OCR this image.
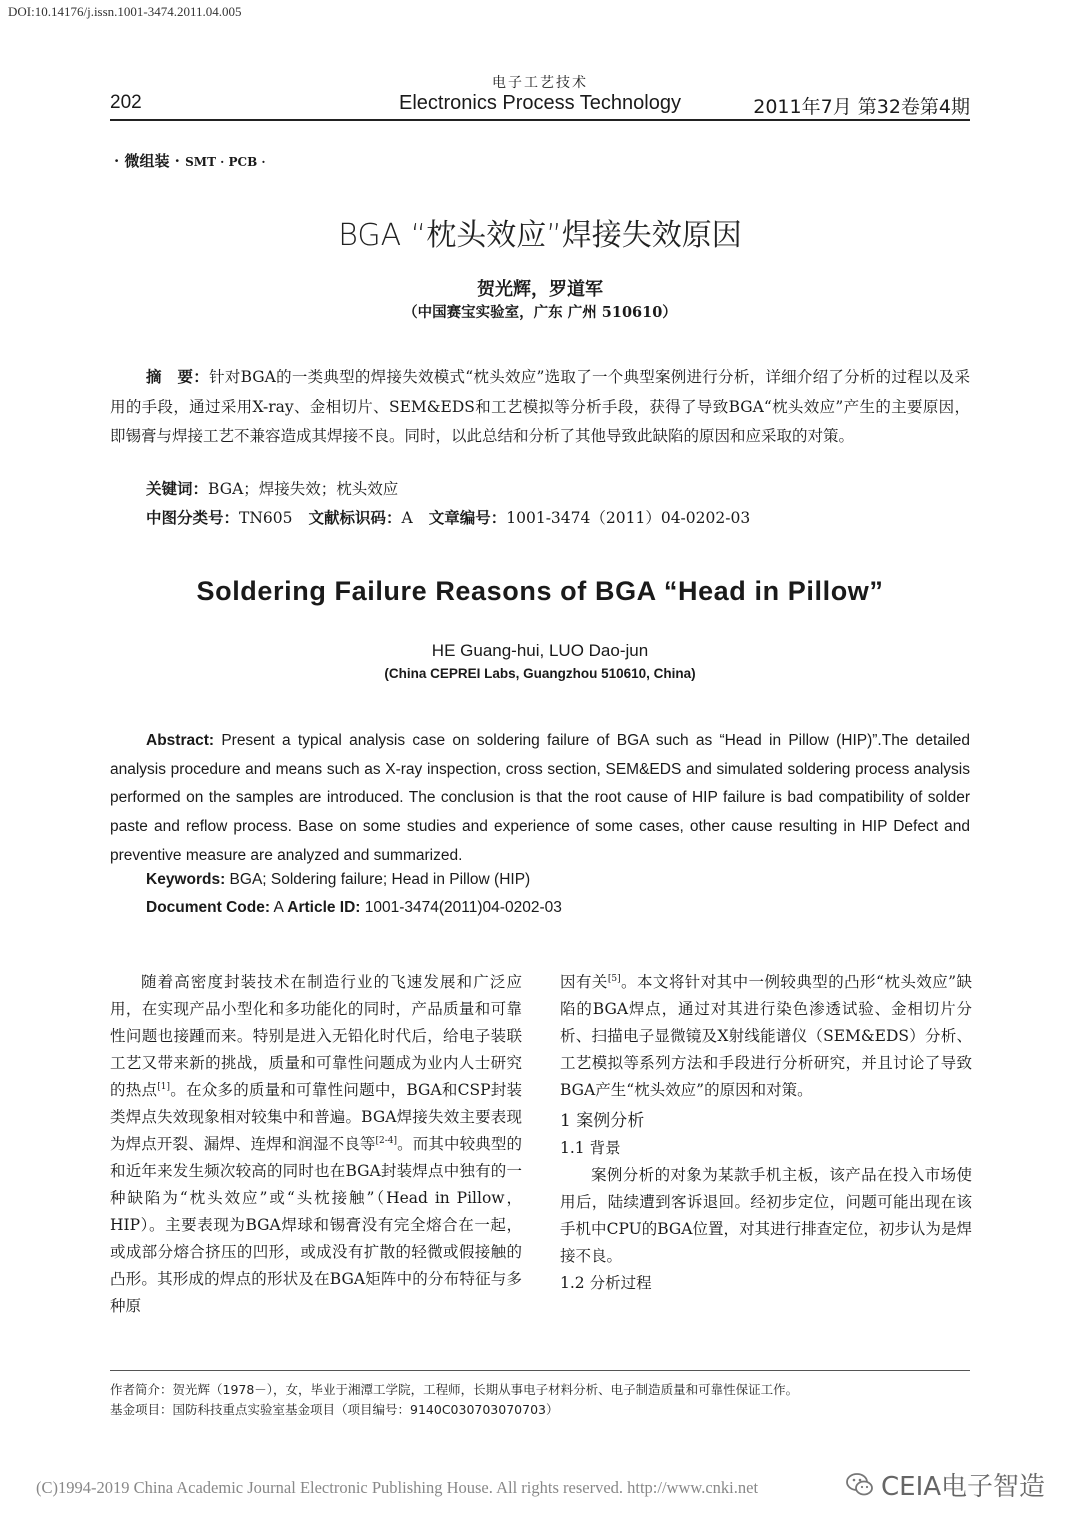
DOI:10.14176/j.issn.1001-3474.2011.04.005
电子工艺技术
202	Electronics Process Technology	2011年7月 第32卷第4期
· 微组装 · SMT · PCB ·
BGA “枕头效应”焊接失效原因
贺光辉，罗道军
（中国赛宝实验室，广东 广州 510610）
摘　要：针对BGA的一类典型的焊接失效模式“枕头效应”选取了一个典型案例进行分析，详细介绍了分析的过程以及采用的手段，通过采用X-ray、金相切片、SEM&EDS和工艺模拟等分析手段，获得了导致BGA“枕头效应”产生的主要原因，即锡膏与焊接工艺不兼容造成其焊接不良。同时，以此总结和分析了其他导致此缺陷的原因和应采取的对策。
关键词：BGA；焊接失效；枕头效应
中图分类号：TN605 文献标识码：A 文章编号：1001-3474（2011）04-0202-03
Soldering Failure Reasons of BGA “Head in Pillow”
HE Guang-hui, LUO Dao-jun
(China CEPREI Labs, Guangzhou 510610, China)
Abstract: Present a typical analysis case on soldering failure of BGA such as “Head in Pillow (HIP)”.The detailed analysis procedure and means such as X-ray inspection, cross section, SEM&EDS and simulated soldering process analysis performed on the samples are introduced. The conclusion is that the root cause of HIP failure is bad compatibility of solder paste and reflow process. Base on some studies and experience of some cases, other cause resulting in HIP Defect and preventive measure are analyzed and summarized.
Keywords: BGA; Soldering failure; Head in Pillow (HIP)
Document Code: A Article ID: 1001-3474(2011)04-0202-03

随着高密度封装技术在制造行业的飞速发展和广泛应用，在实现产品小型化和多功能化的同时，产品质量和可靠性问题也接踵而来。特别是进入无铅化时代后，给电子装联工艺又带来新的挑战，质量和可靠性问题成为业内人士研究的热点[1]。在众多的质量和可靠性问题中，BGA和CSP封装类焊点失效现象相对较集中和普遍。BGA焊接失效主要表现为焊点开裂、漏焊、连焊和润湿不良等[2-4]。而其中较典型的和近年来发生频次较高的同时也在BGA封装焊点中独有的一种缺陷为“枕头效应”或“头枕接触”（Head in Pillow，HIP）。主要表现为BGA焊球和锡膏没有完全熔合在一起，或成部分熔合挤压的凹形，或成没有扩散的轻微或假接触的凸形。其形成的焊点的形状及在BGA矩阵中的分布特征与多种原

因有关[5]。本文将针对其中一例较典型的凸形“枕头效应”缺陷的BGA焊点，通过对其进行染色渗透试验、金相切片分析、扫描电子显微镜及X射线能谱仪（SEM&EDS）分析、工艺模拟等系列方法和手段进行分析研究，并且讨论了导致BGA产生“枕头效应”的原因和对策。

1 案例分析

1.1 背景

案例分析的对象为某款手机主板，该产品在投入市场使用后，陆续遭到客诉退回。经初步定位，问题可能出现在该手机中CPU的BGA位置，对其进行排查定位，初步认为是焊接不良。

1.2 分析过程

作者简介：贺光辉（1978－），女，毕业于湘潭工学院，工程师，长期从事电子材料分析、电子制造质量和可靠性保证工作。
基金项目：国防科技重点实验室基金项目（项目编号：9140C030703070703）
(C)1994-2019 China Academic Journal Electronic Publishing House. All rights reserved. http://www.cnki.net	CEIA电子智造
